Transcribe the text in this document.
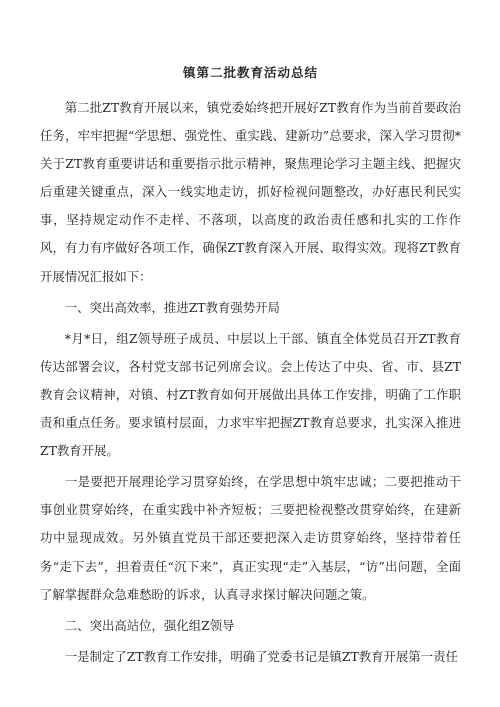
镇第二批教育活动总结

第二批ZT教育开展以来，镇党委始终把开展好ZT教育作为当前首要政治任务，牢牢把握“学思想、强党性、重实践、建新功”总要求，深入学习贯彻*关于ZT教育重要讲话和重要指示批示精神，聚焦理论学习主题主线、把握灾后重建关键重点，深入一线实地走访，抓好检视问题整改，办好惠民利民实事，坚持规定动作不走样、不落项，以高度的政治责任感和扎实的工作作风，有力有序做好各项工作，确保ZT教育深入开展、取得实效。现将ZT教育开展情况汇报如下：

一、突出高效率，推进ZT教育强势开局

*月*日，组Z领导班子成员、中层以上干部、镇直全体党员召开ZT教育传达部署会议，各村党支部书记列席会议。会上传达了中央、省、市、县ZT教育会议精神，对镇、村ZT教育如何开展做出具体工作安排，明确了工作职责和重点任务。要求镇村层面，力求牢牢把握ZT教育总要求，扎实深入推进ZT教育开展。

一是要把开展理论学习贯穿始终，在学思想中筑牢忠诚；二要把推动干事创业贯穿始终，在重实践中补齐短板；三要把检视整改贯穿始终，在建新功中显现成效。另外镇直党员干部还要把深入走访贯穿始终，坚持带着任务“走下去”，担着责任“沉下来”，真正实现“走”入基层，“访”出问题，全面了解掌握群众急难愁盼的诉求，认真寻求探讨解决问题之策。

二、突出高站位，强化组Z领导

一是制定了ZT教育工作安排，明确了党委书记是镇ZT教育开展第一责任
